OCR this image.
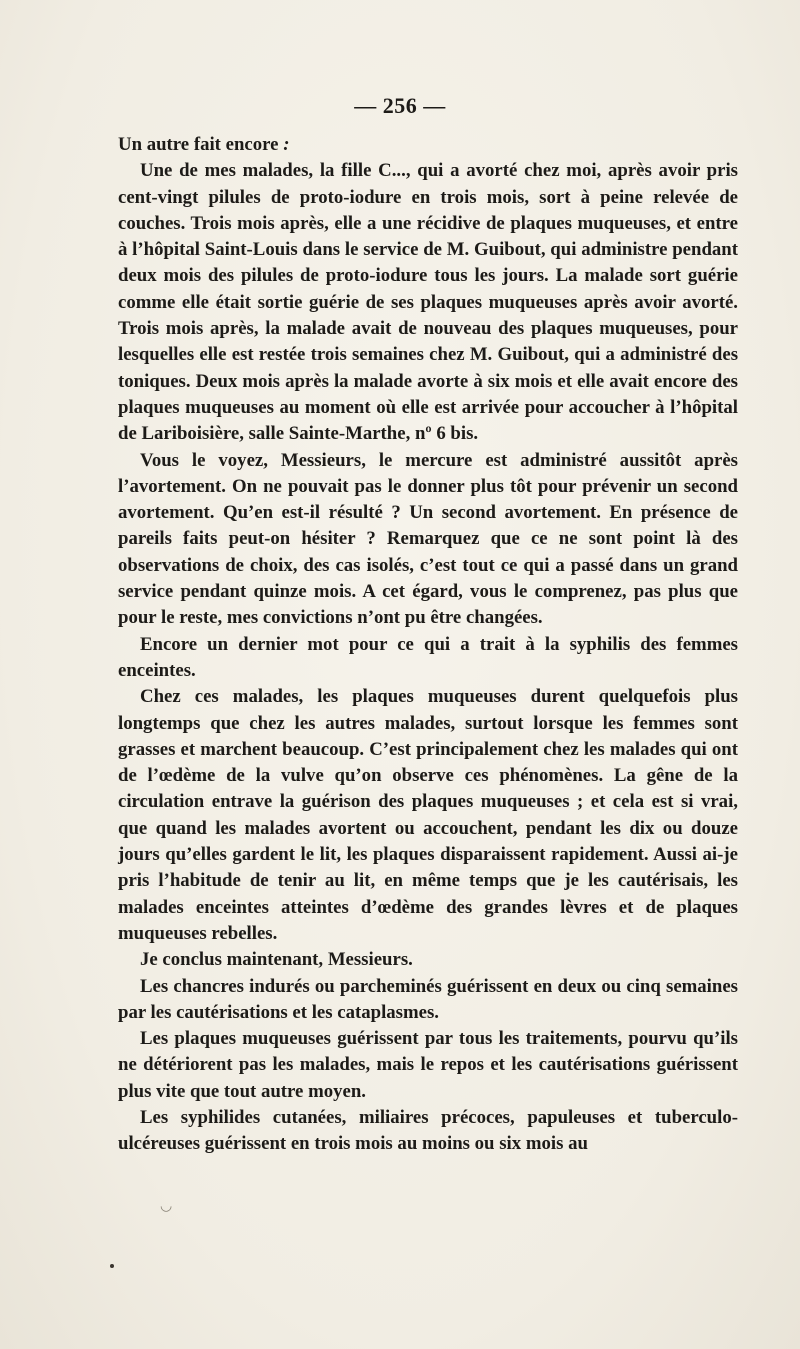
— 256 —

Un autre fait encore :

Une de mes malades, la fille C..., qui a avorté chez moi, après avoir pris cent-vingt pilules de proto-iodure en trois mois, sort à peine relevée de couches. Trois mois après, elle a une récidive de plaques muqueuses, et entre à l’hôpital Saint-Louis dans le service de M. Guibout, qui administre pendant deux mois des pilules de proto-iodure tous les jours. La malade sort guérie comme elle était sortie guérie de ses plaques muqueuses après avoir avorté. Trois mois après, la malade avait de nouveau des plaques muqueuses, pour lesquelles elle est restée trois semaines chez M. Guibout, qui a administré des toniques. Deux mois après la malade avorte à six mois et elle avait encore des plaques muqueuses au moment où elle est arrivée pour accoucher à l’hôpital de Lariboisière, salle Sainte-Marthe, nº 6 bis.

Vous le voyez, Messieurs, le mercure est administré aussitôt après l’avortement. On ne pouvait pas le donner plus tôt pour prévenir un second avortement. Qu’en est-il résulté ? Un second avortement. En présence de pareils faits peut-on hésiter ? Remarquez que ce ne sont point là des observations de choix, des cas isolés, c’est tout ce qui a passé dans un grand service pendant quinze mois. A cet égard, vous le comprenez, pas plus que pour le reste, mes convictions n’ont pu être changées.

Encore un dernier mot pour ce qui a trait à la syphilis des femmes enceintes.

Chez ces malades, les plaques muqueuses durent quelquefois plus longtemps que chez les autres malades, surtout lorsque les femmes sont grasses et marchent beaucoup. C’est principalement chez les malades qui ont de l’œdème de la vulve qu’on observe ces phénomènes. La gêne de la circulation entrave la guérison des plaques muqueuses ; et cela est si vrai, que quand les malades avortent ou accouchent, pendant les dix ou douze jours qu’elles gardent le lit, les plaques disparaissent rapidement. Aussi ai-je pris l’habitude de tenir au lit, en même temps que je les cautérisais, les malades enceintes atteintes d’œdème des grandes lèvres et de plaques muqueuses rebelles.

Je conclus maintenant, Messieurs.

Les chancres indurés ou parcheminés guérissent en deux ou cinq semaines par les cautérisations et les cataplasmes.

Les plaques muqueuses guérissent par tous les traitements, pourvu qu’ils ne détériorent pas les malades, mais le repos et les cautérisations guérissent plus vite que tout autre moyen.

Les syphilides cutanées, miliaires précoces, papuleuses et tuberculo-ulcéreuses guérissent en trois mois au moins ou six mois au

◡
